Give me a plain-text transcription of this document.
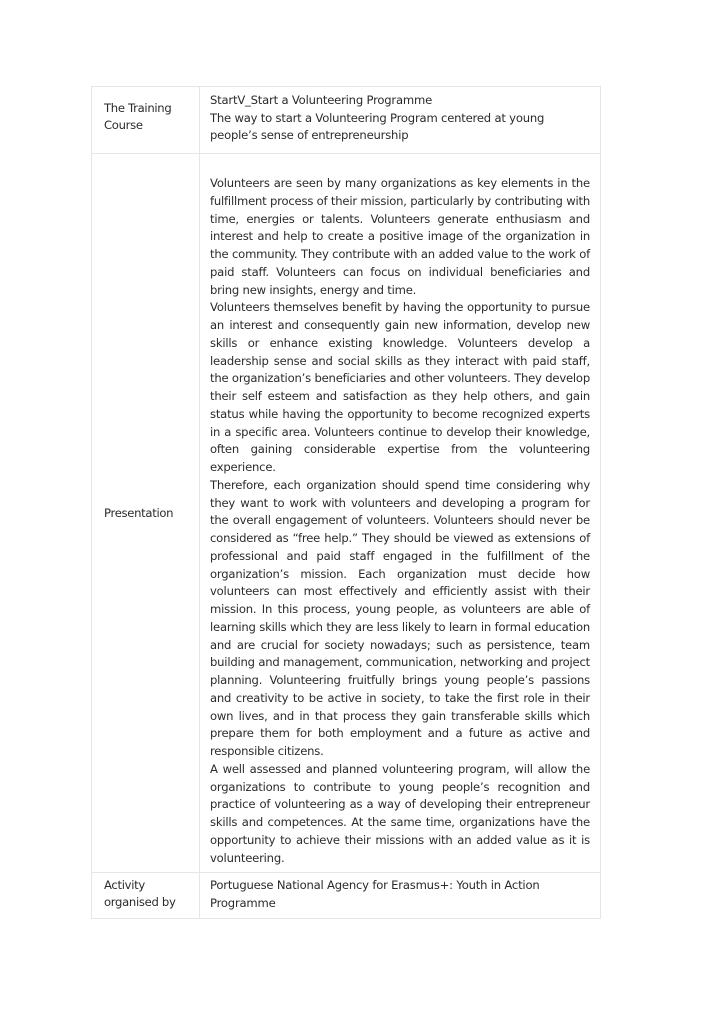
The Training
Course
StartV_Start a Volunteering Programme
The way to start a Volunteering Program centered at young
people’s sense of entrepreneurship
Presentation

Volunteers are seen by many organizations as key elements in the fulfillment process of their mission, particularly by contributing with time, energies or talents. Volunteers generate enthusiasm and interest and help to create a positive image of the organization in the community. They contribute with an added value to the work of paid staff. Volunteers can focus on individual beneficiaries and bring new insights, energy and time.

Volunteers themselves benefit by having the opportunity to pursue an interest and consequently gain new information, develop new skills or enhance existing knowledge. Volunteers develop a leadership sense and social skills as they interact with paid staff, the organization’s beneficiaries and other volunteers. They develop their self esteem and satisfaction as they help others, and gain status while having the opportunity to become recognized experts in a specific area. Volunteers continue to develop their knowledge, often gaining considerable expertise from the volunteering experience.

Therefore, each organization should spend time considering why they want to work with volunteers and developing a program for the overall engagement of volunteers. Volunteers should never be considered as “free help.” They should be viewed as extensions of professional and paid staff engaged in the fulfillment of the organization’s mission. Each organization must decide how volunteers can most effectively and efficiently assist with their mission. In this process, young people, as volunteers are able of learning skills which they are less likely to learn in formal education and are crucial for society nowadays; such as persistence, team building and management, communication, networking and project planning. Volunteering fruitfully brings young people’s passions and creativity to be active in society, to take the first role in their own lives, and in that process they gain transferable skills which prepare them for both employment and a future as active and responsible citizens.

A well assessed and planned volunteering program, will allow the organizations to contribute to young people’s recognition and practice of volunteering as a way of developing their entrepreneur skills and competences. At the same time, organizations have the opportunity to achieve their missions with an added value as it is volunteering.

Activity
organised by
Portuguese National Agency for Erasmus+: Youth in Action
Programme
